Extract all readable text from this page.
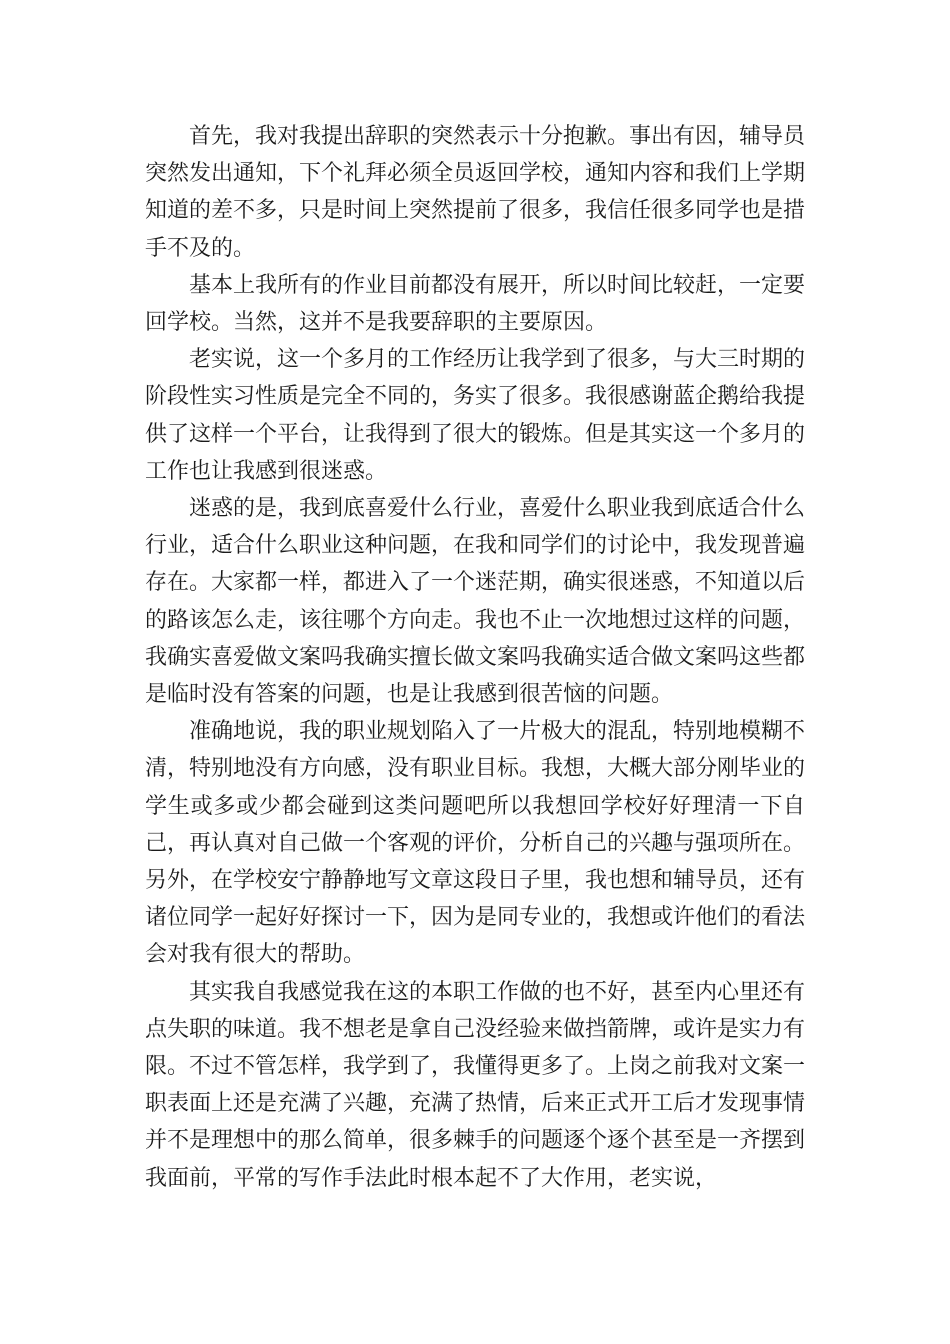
首先，我对我提出辞职的突然表示十分抱歉。事出有因，辅导员突然发出通知，下个礼拜必须全员返回学校，通知内容和我们上学期知道的差不多，只是时间上突然提前了很多，我信任很多同学也是措手不及的。

基本上我所有的作业目前都没有展开，所以时间比较赶，一定要回学校。当然，这并不是我要辞职的主要原因。

老实说，这一个多月的工作经历让我学到了很多，与大三时期的阶段性实习性质是完全不同的，务实了很多。我很感谢蓝企鹅给我提供了这样一个平台，让我得到了很大的锻炼。但是其实这一个多月的工作也让我感到很迷惑。

迷惑的是，我到底喜爱什么行业，喜爱什么职业我到底适合什么行业，适合什么职业这种问题，在我和同学们的讨论中，我发现普遍存在。大家都一样，都进入了一个迷茫期，确实很迷惑，不知道以后的路该怎么走，该往哪个方向走。我也不止一次地想过这样的问题，我确实喜爱做文案吗我确实擅长做文案吗我确实适合做文案吗这些都是临时没有答案的问题，也是让我感到很苦恼的问题。

准确地说，我的职业规划陷入了一片极大的混乱，特别地模糊不清，特别地没有方向感，没有职业目标。我想，大概大部分刚毕业的学生或多或少都会碰到这类问题吧所以我想回学校好好理清一下自己，再认真对自己做一个客观的评价，分析自己的兴趣与强项所在。另外，在学校安宁静静地写文章这段日子里，我也想和辅导员，还有诸位同学一起好好探讨一下，因为是同专业的，我想或许他们的看法会对我有很大的帮助。

其实我自我感觉我在这的本职工作做的也不好，甚至内心里还有点失职的味道。我不想老是拿自己没经验来做挡箭牌，或许是实力有限。不过不管怎样，我学到了，我懂得更多了。上岗之前我对文案一职表面上还是充满了兴趣，充满了热情，后来正式开工后才发现事情并不是理想中的那么简单，很多棘手的问题逐个逐个甚至是一齐摆到我面前，平常的写作手法此时根本起不了大作用，老实说，
